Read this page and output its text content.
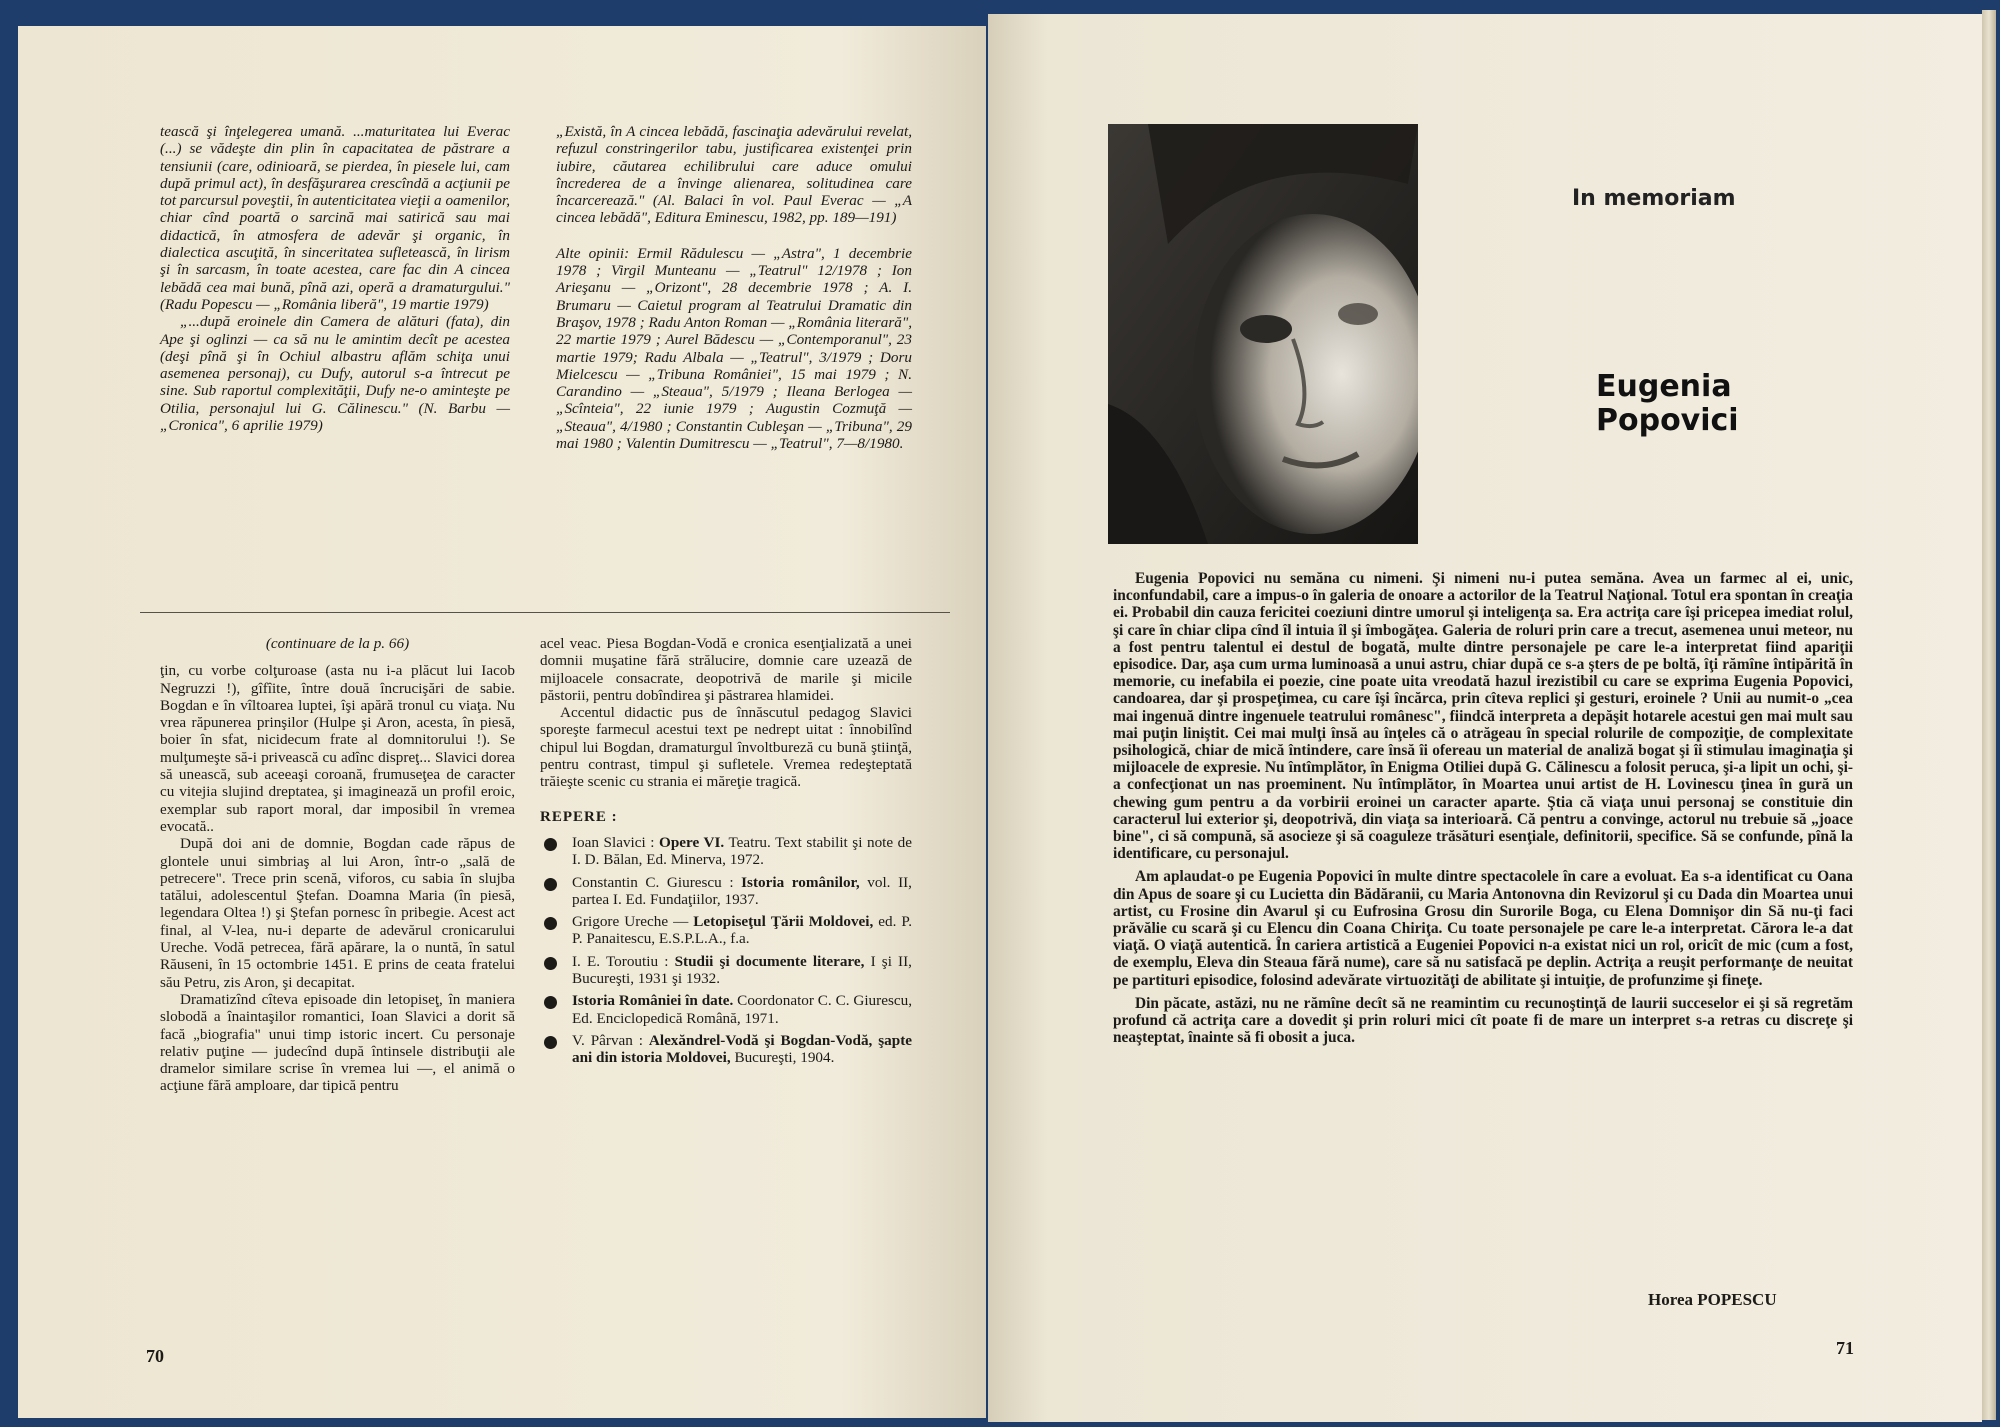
tească şi înţelegerea umană. ...maturitatea lui Everac (...) se vădeşte din plin în capacitatea de păstrare a tensiunii (care, odinioară, se pierdea, în piesele lui, cam după primul act), în desfăşurarea crescîndă a acţiunii pe tot parcursul poveştii, în autenticitatea vieţii a oamenilor, chiar cînd poartă o sarcină mai satirică sau mai didactică, în atmosfera de adevăr şi organic, în dialectica ascuţită, în sinceritatea sufletească, în lirism şi în sarcasm, în toate acestea, care fac din A cincea lebădă cea mai bună, pînă azi, operă a dramaturgului." (Radu Popescu — „România liberă", 19 martie 1979)

„...după eroinele din Camera de alături (fata), din Ape şi oglinzi — ca să nu le amintim decît pe acestea (deşi pînă şi în Ochiul albastru aflăm schiţa unui asemenea personaj), cu Dufy, autorul s-a întrecut pe sine. Sub raportul complexităţii, Dufy ne-o aminteşte pe Otilia, personajul lui G. Călinescu." (N. Barbu — „Cronica", 6 aprilie 1979)

„Există, în A cincea lebădă, fascinaţia adevărului revelat, refuzul constringerilor tabu, justificarea existenţei prin iubire, căutarea echilibrului care aduce omului încrederea de a învinge alienarea, solitudinea care încarcerează." (Al. Balaci în vol. Paul Everac — „A cincea lebădă", Editura Eminescu, 1982, pp. 189—191)

Alte opinii: Ermil Rădulescu — „Astra", 1 decembrie 1978 ; Virgil Munteanu — „Teatrul" 12/1978 ; Ion Arieşanu — „Orizont", 28 decembrie 1978 ; A. I. Brumaru — Caietul program al Teatrului Dramatic din Braşov, 1978 ; Radu Anton Roman — „România literară", 22 martie 1979 ; Aurel Bădescu — „Contemporanul", 23 martie 1979; Radu Albala — „Teatrul", 3/1979 ; Doru Mielcescu — „Tribuna României", 15 mai 1979 ; N. Carandino — „Steaua", 5/1979 ; Ileana Berlogea — „Scînteia", 22 iunie 1979 ; Augustin Cozmuţă — „Steaua", 4/1980 ; Constantin Cubleşan — „Tribuna", 29 mai 1980 ; Valentin Dumitrescu — „Teatrul", 7—8/1980.

(continuare de la p. 66)

ţin, cu vorbe colţuroase (asta nu i-a plăcut lui Iacob Negruzzi !), gîfîite, între două încrucişări de sabie. Bogdan e în vîltoarea luptei, îşi apără tronul cu viaţa. Nu vrea răpunerea prinşilor (Hulpe şi Aron, acesta, în piesă, boier în sfat, nicidecum frate al domnitorului !). Se mulţumeşte să-i privească cu adînc dispreţ... Slavici dorea să unească, sub aceeaşi coroană, frumuseţea de caracter cu vitejia slujind dreptatea, şi imaginează un profil eroic, exemplar sub raport moral, dar imposibil în vremea evocată..

După doi ani de domnie, Bogdan cade răpus de glontele unui simbriaş al lui Aron, într-o „sală de petrecere". Trece prin scenă, viforos, cu sabia în slujba tatălui, adolescentul Ştefan. Doamna Maria (în piesă, legendara Oltea !) şi Ştefan pornesc în pribegie. Acest act final, al V-lea, nu-i departe de adevărul cronicarului Ureche. Vodă petrecea, fără apărare, la o nuntă, în satul Răuseni, în 15 octombrie 1451. E prins de ceata fratelui său Petru, zis Aron, şi decapitat.

Dramatizînd cîteva episoade din letopiseţ, în maniera slobodă a înaintaşilor romantici, Ioan Slavici a dorit să facă „biografia" unui timp istoric incert. Cu personaje relativ puţine — judecînd după întinsele distribuţii ale dramelor similare scrise în vremea lui —, el animă o acţiune fără amploare, dar tipică pentru

acel veac. Piesa Bogdan-Vodă e cronica esenţializată a unei domnii muşatine fără strălucire, domnie care uzează de mijloacele consacrate, deopotrivă de marile şi micile păstorii, pentru dobîndirea şi păstrarea hlamidei.

Accentul didactic pus de înnăscutul pedagog Slavici sporeşte farmecul acestui text pe nedrept uitat : înnobilînd chipul lui Bogdan, dramaturgul învoltbureză cu bună ştiinţă, pentru contrast, timpul şi sufletele. Vremea redeşteptată trăieşte scenic cu strania ei măreţie tragică.

REPERE :
Ioan Slavici : Opere VI. Teatru. Text stabilit şi note de I. D. Bălan, Ed. Minerva, 1972.
Constantin C. Giurescu : Istoria românilor, vol. II, partea I. Ed. Fundaţiilor, 1937.
Grigore Ureche — Letopiseţul Ţării Moldovei, ed. P. P. Panaitescu, E.S.P.L.A., f.a.
I. E. Toroutiu : Studii şi documente literare, I şi II, Bucureşti, 1931 şi 1932.
Istoria României în date. Coordonator C. C. Giurescu, Ed. Enciclopedică Română, 1971.
V. Pârvan : Alexăndrel-Vodă şi Bogdan-Vodă, şapte ani din istoria Moldovei, Bucureşti, 1904.
70
In memoriam
Eugenia
Popovici

Eugenia Popovici nu semăna cu nimeni. Şi nimeni nu-i putea semăna. Avea un farmec al ei, unic, inconfundabil, care a impus-o în galeria de onoare a actorilor de la Teatrul Naţional. Totul era spontan în creaţia ei. Probabil din cauza fericitei coeziuni dintre umorul şi inteligenţa sa. Era actriţa care îşi pricepea imediat rolul, şi care în chiar clipa cînd îl intuia îl şi îmbogăţea. Galeria de roluri prin care a trecut, asemenea unui meteor, nu a fost pentru talentul ei destul de bogată, multe dintre personajele pe care le-a interpretat fiind apariţii episodice. Dar, aşa cum urma luminoasă a unui astru, chiar după ce s-a şters de pe boltă, îţi rămîne întipărită în memorie, cu inefabila ei poezie, cine poate uita vreodată hazul irezistibil cu care se exprima Eugenia Popovici, candoarea, dar şi prospeţimea, cu care îşi încărca, prin cîteva replici şi gesturi, eroinele ? Unii au numit-o „cea mai ingenuă dintre ingenuele teatrului românesc", fiindcă interpreta a depăşit hotarele acestui gen mai mult sau mai puţin liniştit. Cei mai mulţi însă au înţeles că o atrăgeau în special rolurile de compoziţie, de complexitate psihologică, chiar de mică întindere, care însă îi ofereau un material de analiză bogat şi îi stimulau imaginaţia şi mijloacele de expresie. Nu întîmplător, în Enigma Otiliei după G. Călinescu a folosit peruca, şi-a lipit un ochi, şi-a confecţionat un nas proeminent. Nu întîmplător, în Moartea unui artist de H. Lovinescu ţinea în gură un chewing gum pentru a da vorbirii eroinei un caracter aparte. Ştia că viaţa unui personaj se constituie din caracterul lui exterior şi, deopotrivă, din viaţa sa interioară. Că pentru a convinge, actorul nu trebuie să „joace bine", ci să compună, să asocieze şi să coaguleze trăsături esenţiale, definitorii, specifice. Să se confunde, pînă la identificare, cu personajul.

Am aplaudat-o pe Eugenia Popovici în multe dintre spectacolele în care a evoluat. Ea s-a identificat cu Oana din Apus de soare şi cu Lucietta din Bădăranii, cu Maria Antonovna din Revizorul şi cu Dada din Moartea unui artist, cu Frosine din Avarul şi cu Eufrosina Grosu din Surorile Boga, cu Elena Domnişor din Să nu-ţi faci prăvălie cu scară şi cu Elencu din Coana Chiriţa. Cu toate personajele pe care le-a interpretat. Cărora le-a dat viaţă. O viaţă autentică. În cariera artistică a Eugeniei Popovici n-a existat nici un rol, oricît de mic (cum a fost, de exemplu, Eleva din Steaua fără nume), care să nu satisfacă pe deplin. Actriţa a reuşit performanţe de neuitat pe partituri episodice, folosind adevărate virtuozităţi de abilitate şi intuiţie, de profunzime şi fineţe.

Din păcate, astăzi, nu ne rămîne decît să ne reamintim cu recunoştinţă de laurii succeselor ei şi să regretăm profund că actriţa care a dovedit şi prin roluri mici cît poate fi de mare un interpret s-a retras cu discreţe şi neaşteptat, înainte să fi obosit a juca.

Horea POPESCU
71
